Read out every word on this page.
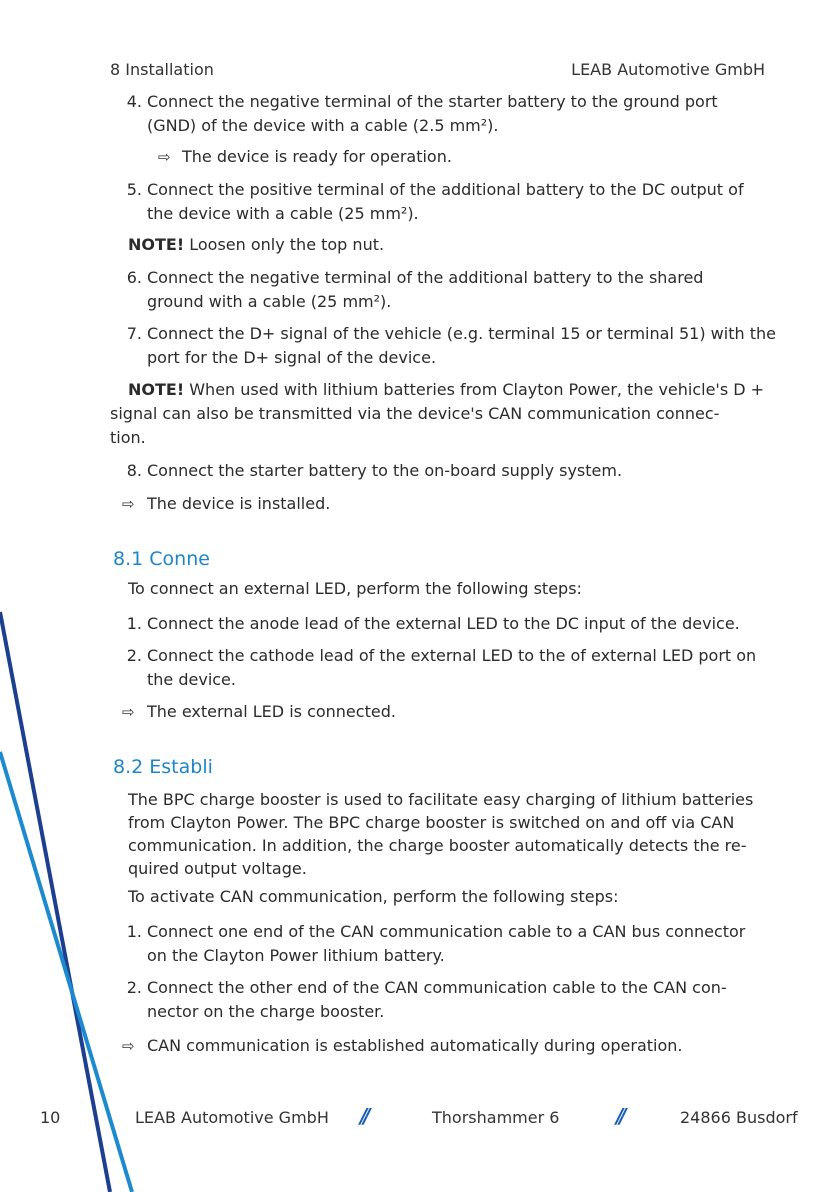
8 Installation	LEAB Automotive GmbH
4. Connect the negative terminal of the starter battery to the ground port
(GND) of the device with a cable (2.5 mm²).
⇨ The device is ready for operation.
5. Connect the positive terminal of the additional battery to the DC output of
the device with a cable (25 mm²).
NOTE! Loosen only the top nut.
6. Connect the negative terminal of the additional battery to the shared
ground with a cable (25 mm²).
7. Connect the D+ signal of the vehicle (e.g. terminal 15 or terminal 51) with the
port for the D+ signal of the device.
NOTE! When used with lithium batteries from Clayton Power, the vehicle's D +
signal can also be transmitted via the device's CAN communication connec-
tion.
8. Connect the starter battery to the on-board supply system.
⇨ The device is installed.
8.1 Conne
To connect an external LED, perform the following steps:
1. Connect the anode lead of the external LED to the DC input of the device.
2. Connect the cathode lead of the external LED to the of external LED port on
the device.
⇨ The external LED is connected.
8.2 Establi
The BPC charge booster is used to facilitate easy charging of lithium batteries
from Clayton Power. The BPC charge booster is switched on and off via CAN
communication. In addition, the charge booster automatically detects the re-
quired output voltage.
To activate CAN communication, perform the following steps:
1. Connect one end of the CAN communication cable to a CAN bus connector
on the Clayton Power lithium battery.
2. Connect the other end of the CAN communication cable to the CAN con-
nector on the charge booster.
⇨ CAN communication is established automatically during operation.
10	LEAB Automotive GmbH //	Thorshammer 6	//	24866 Busdorf
